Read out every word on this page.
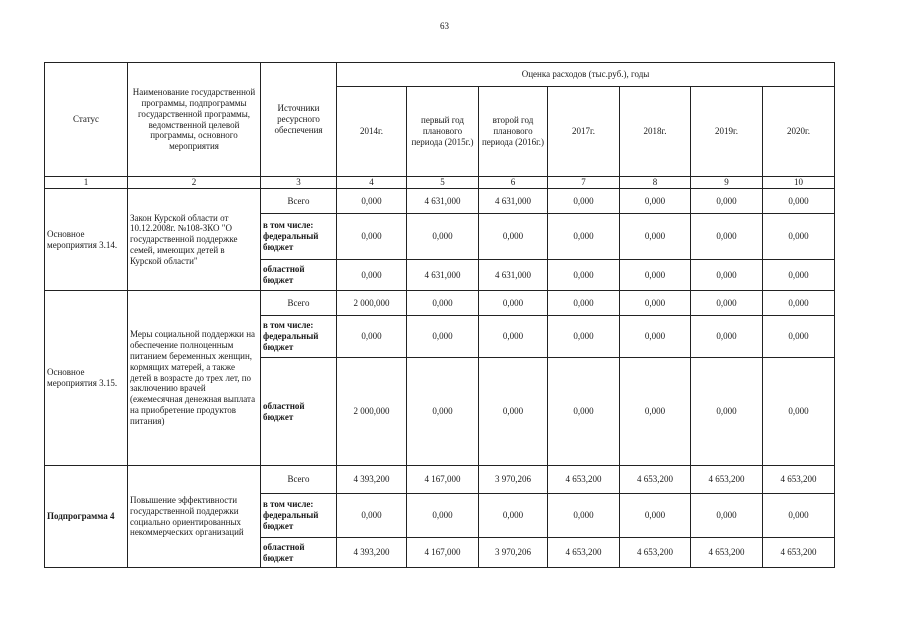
63
Статус	Наименование государственной программы, подпрограммы государственной программы, ведомственной целевой программы, основного мероприятия	Источники ресурсного обеспечения	Оценка расходов (тыс.руб.), годы						
			2014г.	первый год планового периода (2015г.)	второй год планового периода (2016г.)	2017г.	2018г.	2019г.	2020г.
1	2	3	4	5	6	7	8	9	10
Основное мероприятия 3.14.	Закон Курской области от 10.12.2008г. №108-ЗКО "О государственной поддержке семей, имеющих детей в Курской области"	Всего	0,000	4 631,000	4 631,000	0,000	0,000	0,000	0,000
		в том числе: федеральный бюджет	0,000	0,000	0,000	0,000	0,000	0,000	0,000
		областной бюджет	0,000	4 631,000	4 631,000	0,000	0,000	0,000	0,000
Основное мероприятия 3.15.	Меры социальной поддержки на обеспечение полноценным питанием беременных женщин, кормящих матерей, а также детей в возрасте до трех лет, по заключению врачей (ежемесячная денежная выплата на приобретение продуктов питания)	Всего	2 000,000	0,000	0,000	0,000	0,000	0,000	0,000
		в том числе: федеральный бюджет	0,000	0,000	0,000	0,000	0,000	0,000	0,000
		областной бюджет	2 000,000	0,000	0,000	0,000	0,000	0,000	0,000
Подпрограмма 4	Повышение эффективности государственной поддержки социально ориентированных некоммерческих организаций	Всего	4 393,200	4 167,000	3 970,206	4 653,200	4 653,200	4 653,200	4 653,200
		в том числе: федеральный бюджет	0,000	0,000	0,000	0,000	0,000	0,000	0,000
		областной бюджет	4 393,200	4 167,000	3 970,206	4 653,200	4 653,200	4 653,200	4 653,200
